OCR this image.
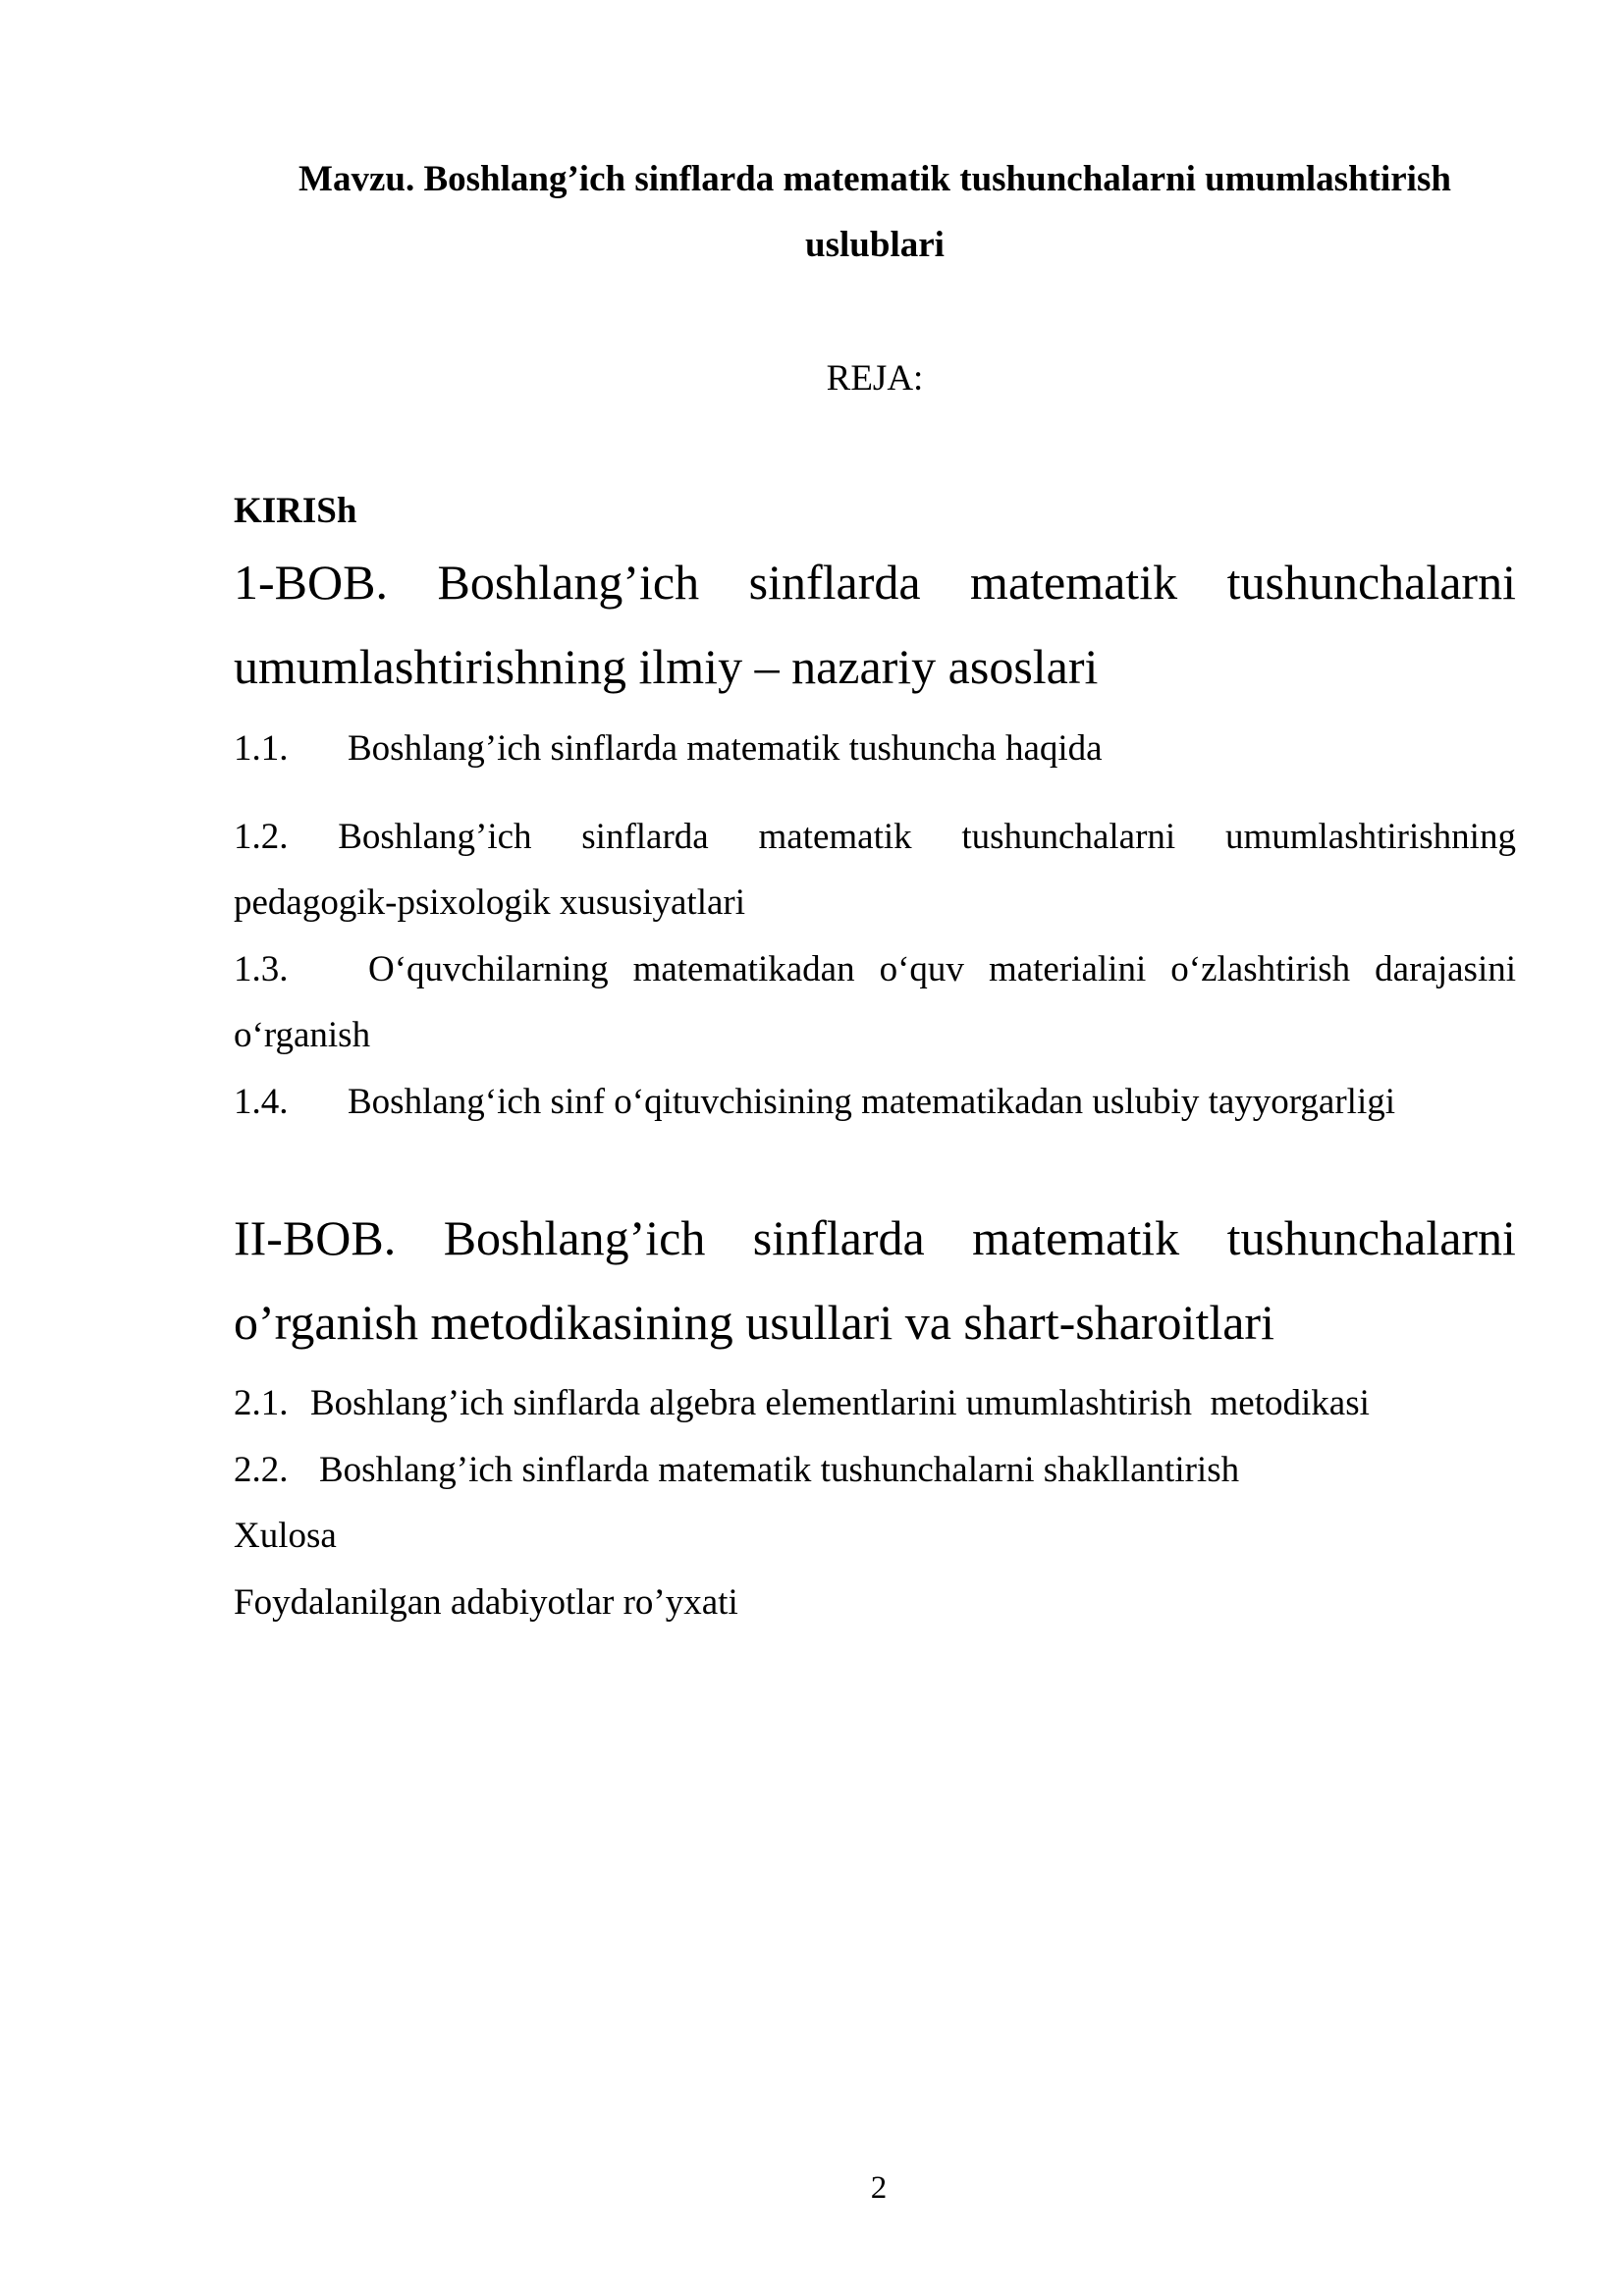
Mavzu. Boshlang’ich sinflarda matematik tushunchalarni umumlashtirish

uslublari

REJA:

KIRISh

1-BOB. Boshlang’ich sinflarda matematik tushunchalarni

umumlashtirishning ilmiy – nazariy asoslari

1.1. Boshlang’ich sinflarda matematik tushuncha haqida

1.2. Boshlang’ich sinflarda matematik tushunchalarni umumlashtirishning

pedagogik-psixologik xususiyatlari

1.3.	O‘quvchilarning matematikadan o‘quv materialini o‘zlashtirish darajasini

o‘rganish

1.4. Boshlang‘ich sinf o‘qituvchisining matematikadan uslubiy tayyorgarligi

II-BOB. Boshlang’ich sinflarda matematik tushunchalarni

o’rganish metodikasining usullari va shart-sharoitlari

2.1. Boshlang’ich sinflarda algebra elementlarini umumlashtirish  metodikasi

2.2. Boshlang’ich sinflarda matematik tushunchalarni shakllantirish

Xulosa

Foydalanilgan adabiyotlar ro’yxati

2
